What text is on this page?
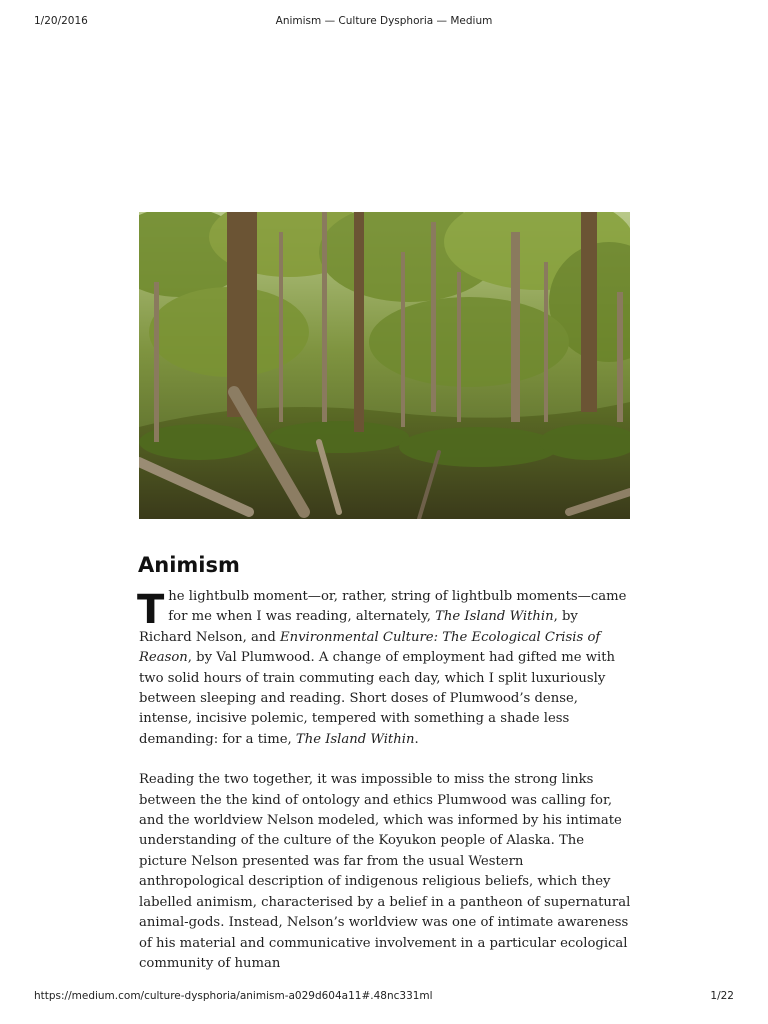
1/20/2016	Animism — Culture Dysphoria — Medium
Animism

The lightbulb moment—or, rather, string of lightbulb moments—came for me when I was reading, alternately, The Island Within, by Richard Nelson, and Environmental Culture: The Ecological Crisis of Reason, by Val Plumwood. A change of employment had gifted me with two solid hours of train commuting each day, which I split luxuriously between sleeping and reading. Short doses of Plumwood’s dense, intense, incisive polemic, tempered with something a shade less demanding: for a time, The Island Within.

Reading the two together, it was impossible to miss the strong links between the the kind of ontology and ethics Plumwood was calling for, and the worldview Nelson modeled, which was informed by his intimate understanding of the culture of the Koyukon people of Alaska. The picture Nelson presented was far from the usual Western anthropological description of indigenous religious beliefs, which they labelled animism, characterised by a belief in a pantheon of supernatural animal-gods. Instead, Nelson’s worldview was one of intimate awareness of his material and communicative involvement in a particular ecological community of human

https://medium.com/culture-dysphoria/animism-a029d604a11#.48nc331ml	1/22
